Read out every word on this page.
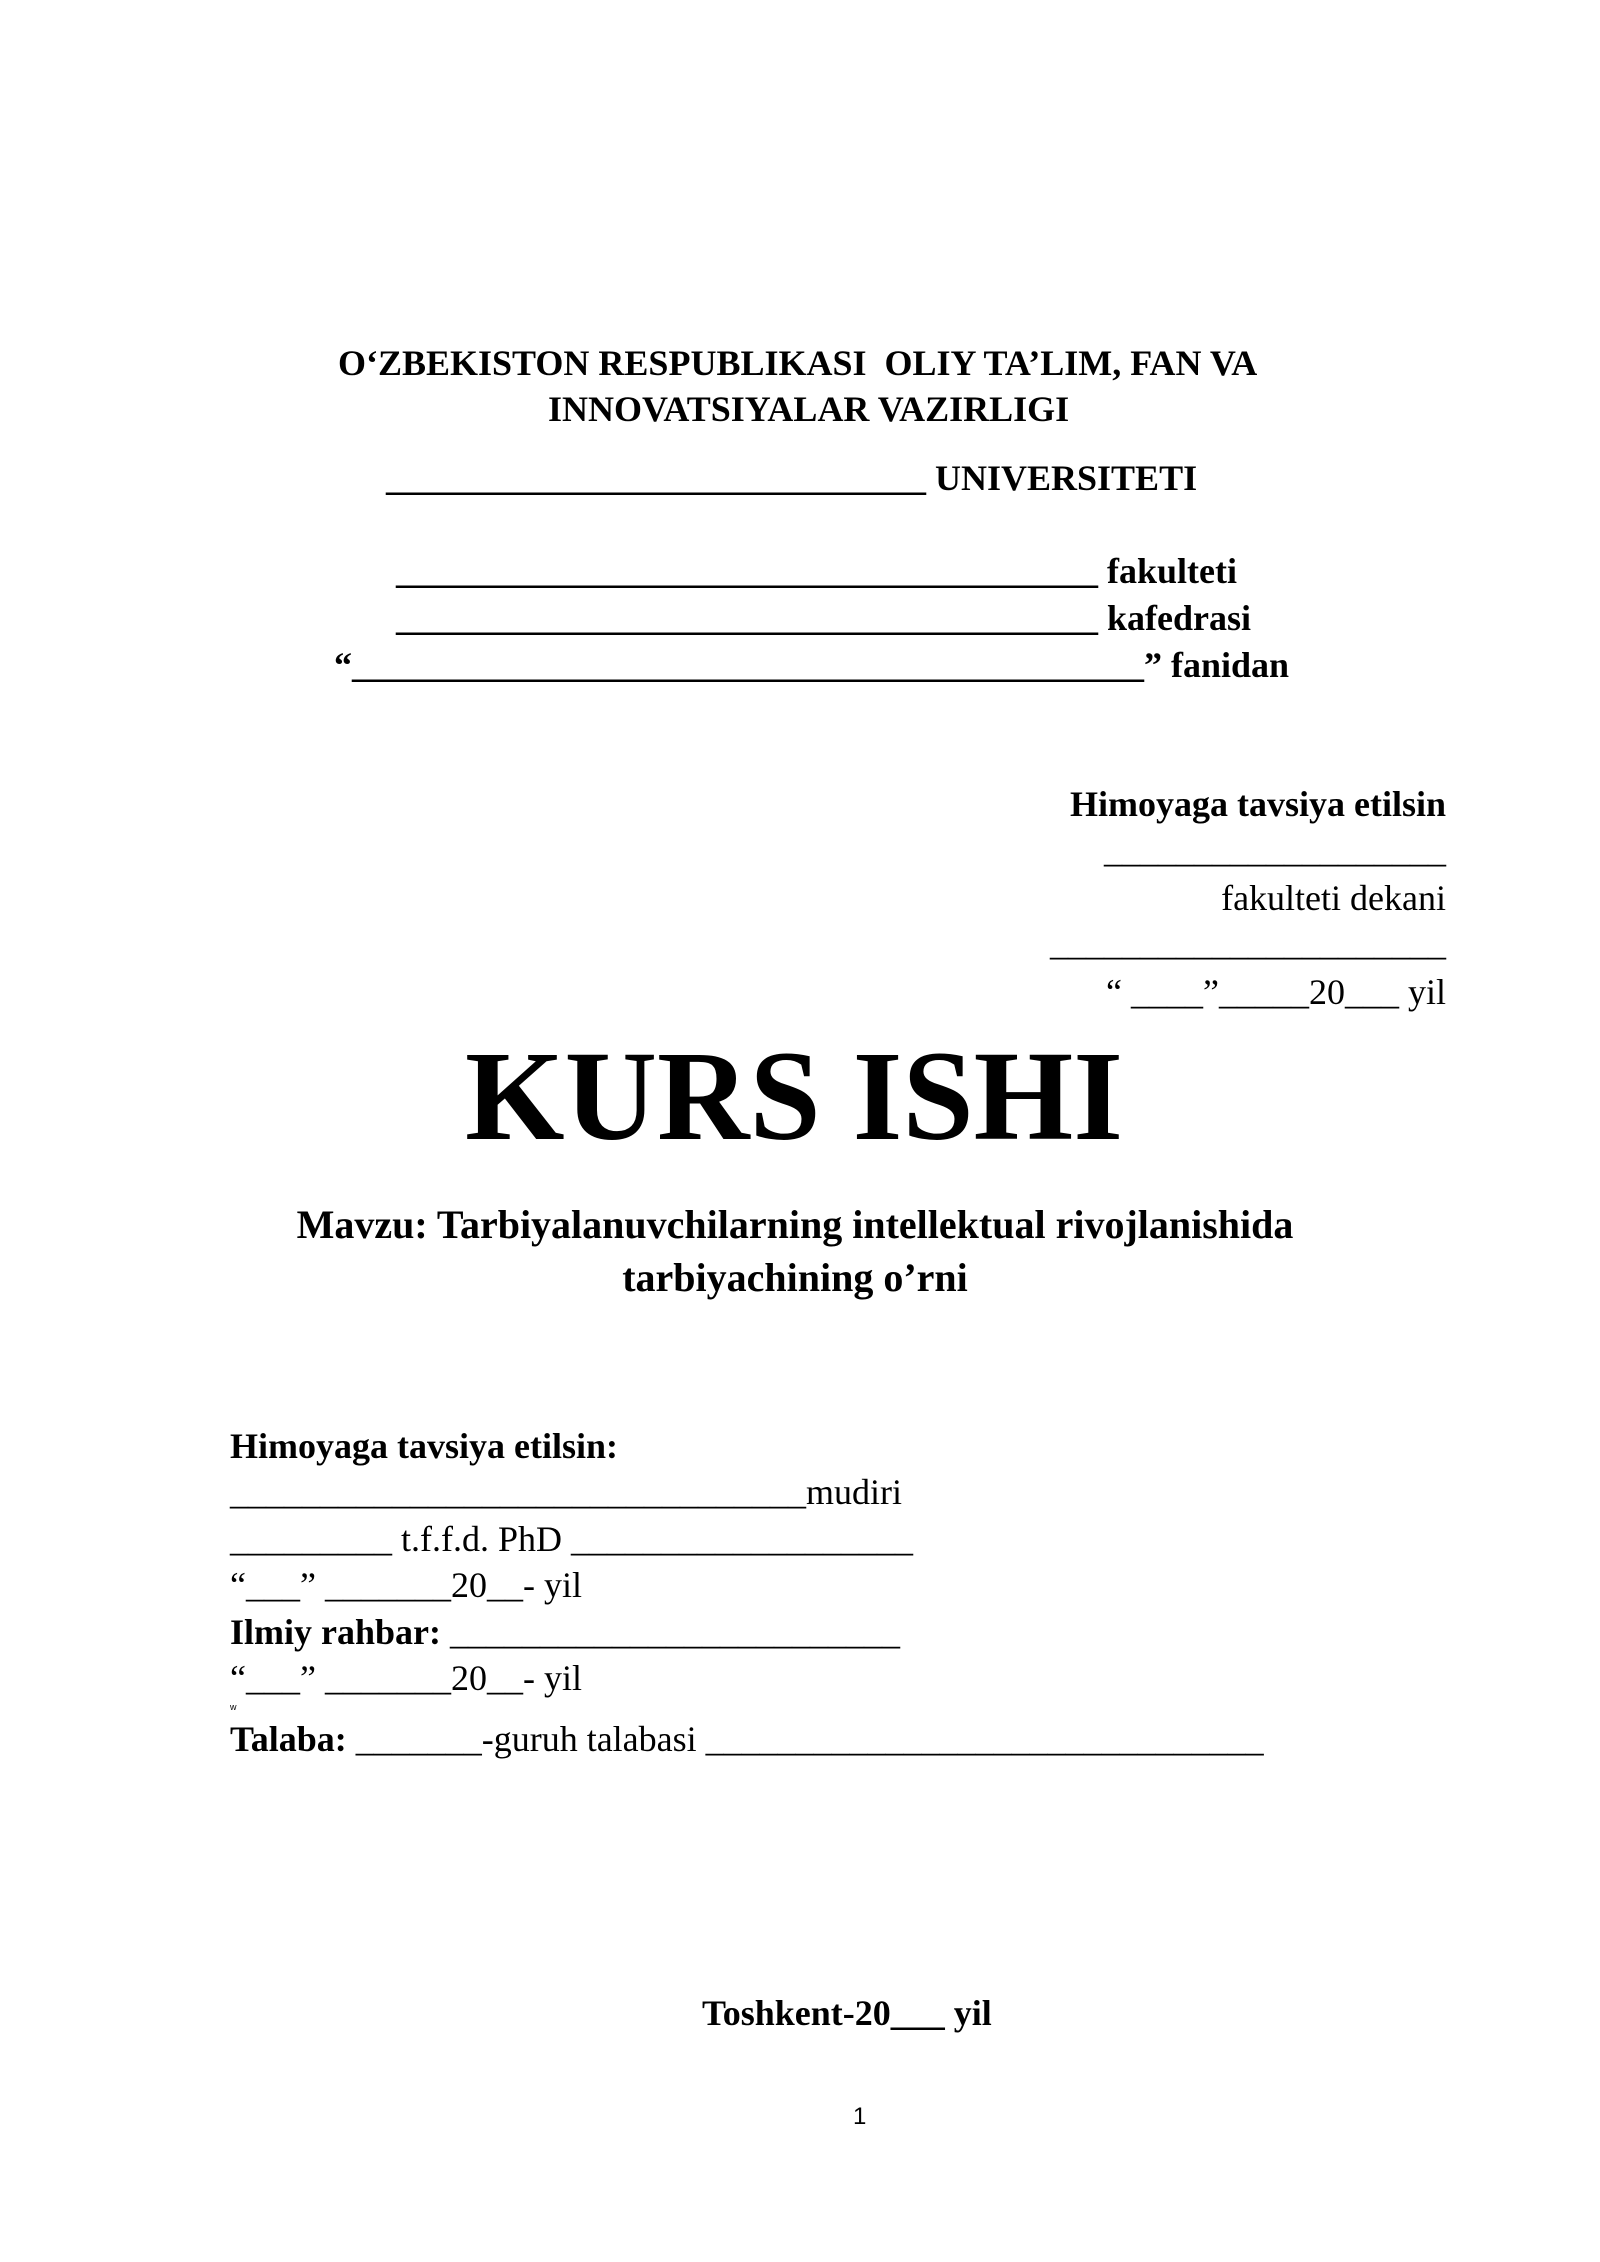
O‘ZBEKISTON RESPUBLIKASI  OLIY TA’LIM, FAN VA
INNOVATSIYALAR VAZIRLIGI
______________________________ UNIVERSITETI
_______________________________________ fakulteti
_______________________________________ kafedrasi
“____________________________________________” fanidan
Himoyaga tavsiya etilsin
___________________
fakulteti dekani
______________________
“ ____”_____20___ yil
KURS ISHI
Mavzu: Tarbiyalanuvchilarning intellektual rivojlanishida
tarbiyachining o’rni
Himoyaga tavsiya etilsin:
________________________________mudiri
_________ t.f.f.d. PhD ___________________
“___” _______20__- yil
Ilmiy rahbar: _________________________
“___” _______20__- yil
w
Talaba: _______-guruh talabasi _______________________________
Toshkent-20___ yil
1
